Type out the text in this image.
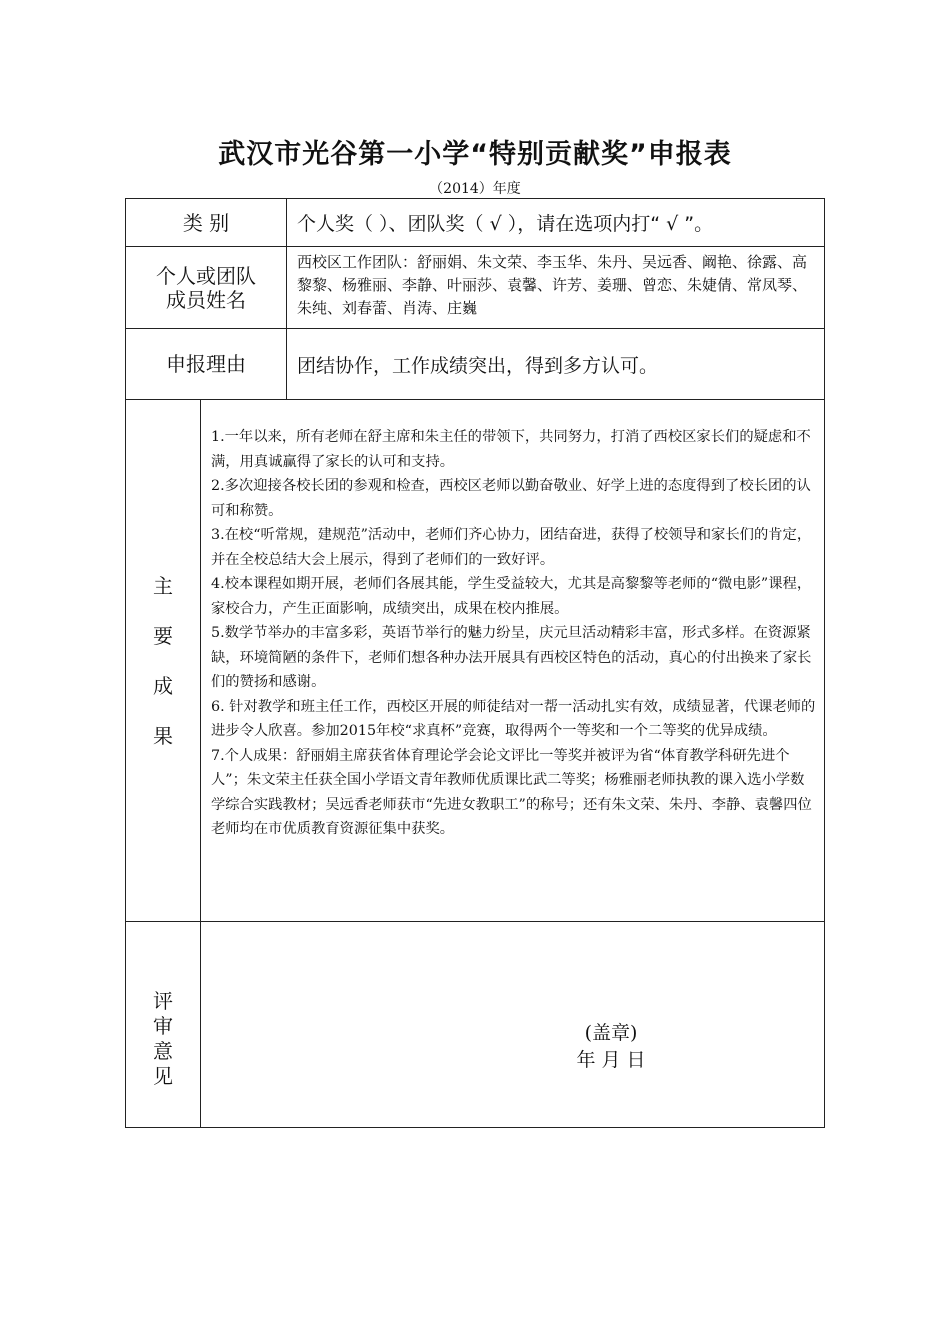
武汉市光谷第一小学“特别贡献奖”申报表
（2014）年度
类 别	个人奖（ ）、团队奖（ √ ），请在选项内打“ √ ”。
个人或团队
成员姓名
西校区工作团队：舒丽娟、朱文荣、李玉华、朱丹、吴远香、阚艳、徐露、高黎黎、杨雅丽、李静、叶丽莎、袁馨、许芳、姜珊、曾恋、朱婕倩、常凤琴、朱纯、刘春蕾、肖涛、庄巍
申报理由	团结协作，工作成绩突出，得到多方认可。
主
要
成
果

1.一年以来，所有老师在舒主席和朱主任的带领下，共同努力，打消了西校区家长们的疑虑和不满，用真诚赢得了家长的认可和支持。

2.多次迎接各校长团的参观和检查，西校区老师以勤奋敬业、好学上进的态度得到了校长团的认可和称赞。

3.在校“听常规，建规范”活动中，老师们齐心协力，团结奋进，获得了校领导和家长们的肯定，并在全校总结大会上展示，得到了老师们的一致好评。

4.校本课程如期开展，老师们各展其能，学生受益较大，尤其是高黎黎等老师的“微电影”课程，家校合力，产生正面影响，成绩突出，成果在校内推展。

5.数学节举办的丰富多彩，英语节举行的魅力纷呈，庆元旦活动精彩丰富，形式多样。在资源紧缺，环境简陋的条件下，老师们想各种办法开展具有西校区特色的活动，真心的付出换来了家长们的赞扬和感谢。

6. 针对教学和班主任工作，西校区开展的师徒结对一帮一活动扎实有效，成绩显著，代课老师的进步令人欣喜。参加2015年校“求真杯”竞赛，取得两个一等奖和一个二等奖的优异成绩。

7.个人成果：舒丽娟主席获省体育理论学会论文评比一等奖并被评为省“体育教学科研先进个人”；朱文荣主任获全国小学语文青年教师优质课比武二等奖；杨雅丽老师执教的课入选小学数学综合实践教材；吴远香老师获市“先进女教职工”的称号；还有朱文荣、朱丹、李静、袁馨四位老师均在市优质教育资源征集中获奖。

评
审
意
见
(盖章)
年 月 日
